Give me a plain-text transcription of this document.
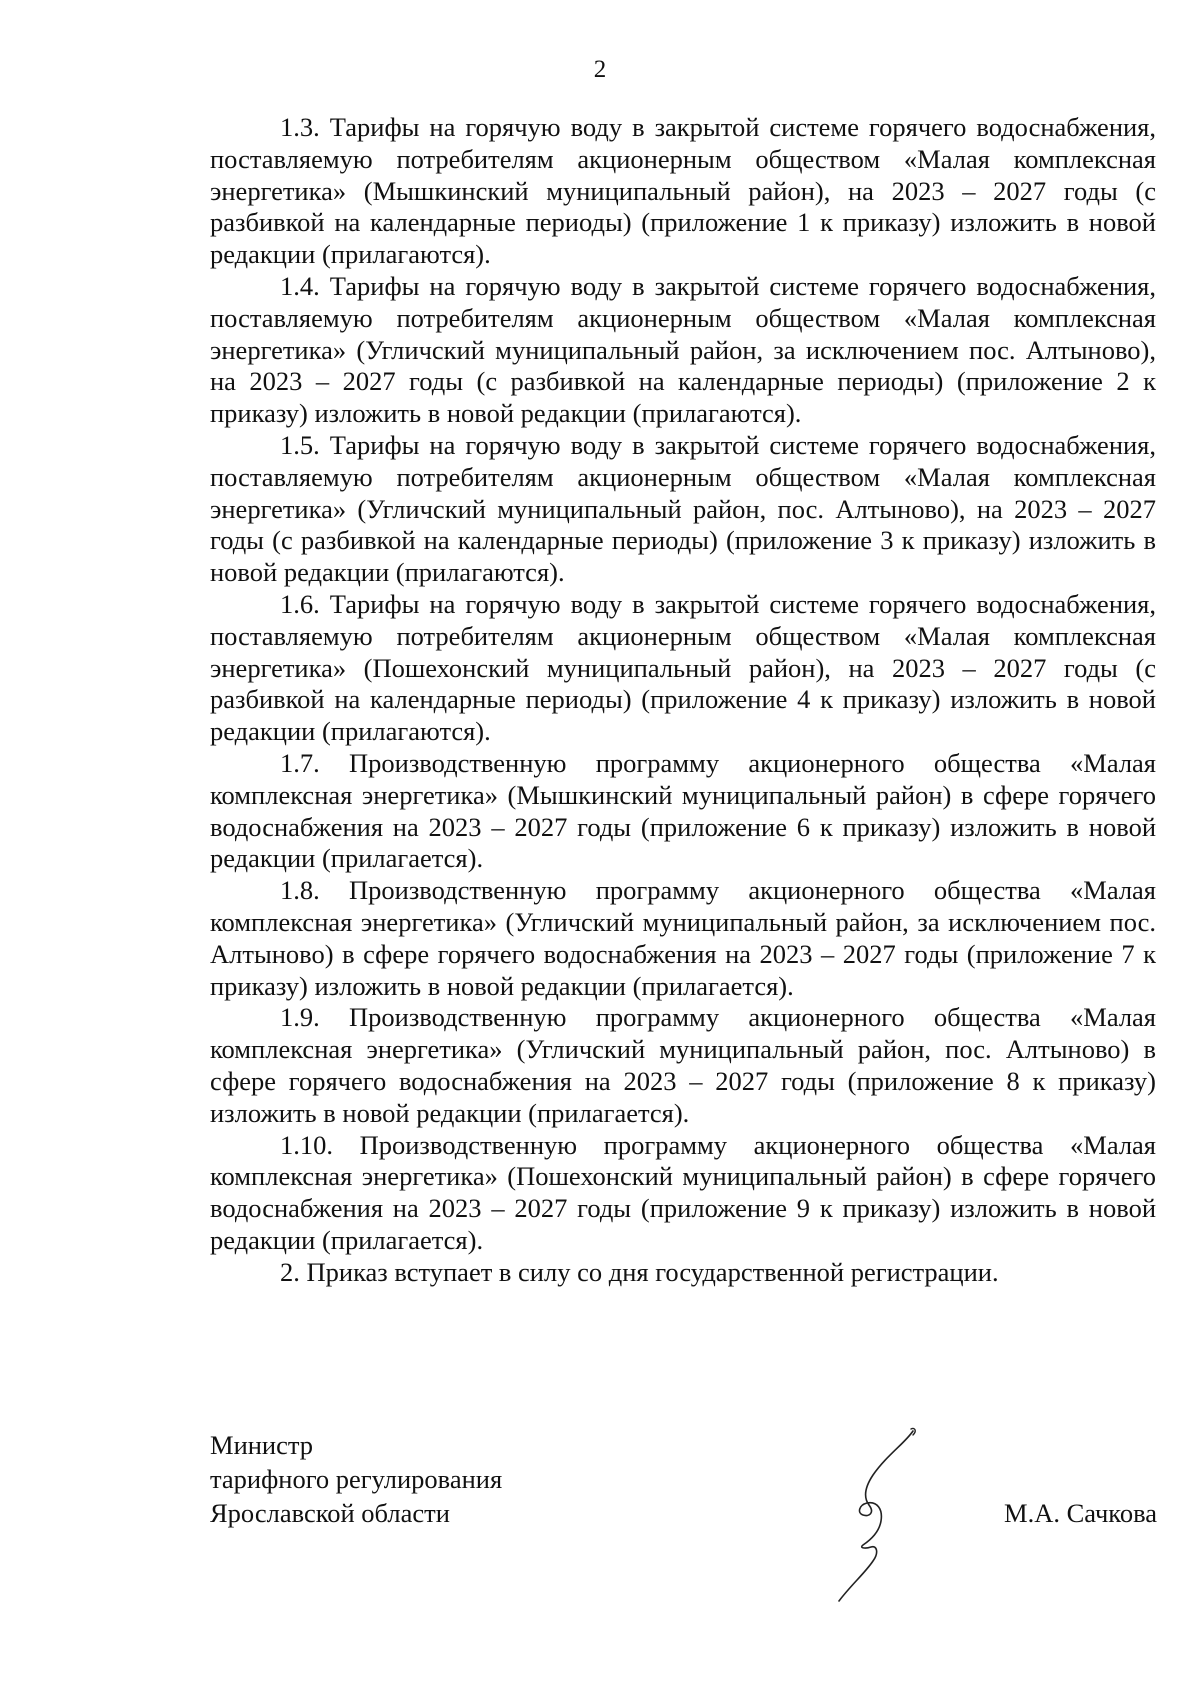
2

1.3. Тарифы на горячую воду в закрытой системе горячего водоснабжения, поставляемую потребителям акционерным обществом «Малая комплексная энергетика» (Мышкинский муниципальный район), на 2023 – 2027 годы (с разбивкой на календарные периоды) (приложение 1 к приказу) изложить в новой редакции (прилагаются).

1.4. Тарифы на горячую воду в закрытой системе горячего водоснабжения, поставляемую потребителям акционерным обществом «Малая комплексная энергетика» (Угличский муниципальный район, за исключением пос. Алтыново), на 2023 – 2027 годы (с разбивкой на календарные периоды) (приложение 2 к приказу) изложить в новой редакции (прилагаются).

1.5. Тарифы на горячую воду в закрытой системе горячего водоснабжения, поставляемую потребителям акционерным обществом «Малая комплексная энергетика» (Угличский муниципальный район, пос. Алтыново), на 2023 – 2027 годы (с разбивкой на календарные периоды) (приложение 3 к приказу) изложить в новой редакции (прилагаются).

1.6. Тарифы на горячую воду в закрытой системе горячего водоснабжения, поставляемую потребителям акционерным обществом «Малая комплексная энергетика» (Пошехонский муниципальный район), на 2023 – 2027 годы (с разбивкой на календарные периоды) (приложение 4 к приказу) изложить в новой редакции (прилагаются).

1.7. Производственную программу акционерного общества «Малая комплексная энергетика» (Мышкинский муниципальный район) в сфере горячего водоснабжения на 2023 – 2027 годы (приложение 6 к приказу) изложить в новой редакции (прилагается).

1.8. Производственную программу акционерного общества «Малая комплексная энергетика» (Угличский муниципальный район, за исключением пос. Алтыново) в сфере горячего водоснабжения на 2023 – 2027 годы (приложение 7 к приказу) изложить в новой редакции (прилагается).

1.9. Производственную программу акционерного общества «Малая комплексная энергетика» (Угличский муниципальный район, пос. Алтыново) в сфере горячего водоснабжения на 2023 – 2027 годы (приложение 8 к приказу) изложить в новой редакции (прилагается).

1.10. Производственную программу акционерного общества «Малая комплексная энергетика» (Пошехонский муниципальный район) в сфере горячего водоснабжения на 2023 – 2027 годы (приложение 9 к приказу) изложить в новой редакции (прилагается).

2. Приказ вступает в силу со дня государственной регистрации.

Министр
тарифного регулирования
Ярославской области	М.А. Сачкова
